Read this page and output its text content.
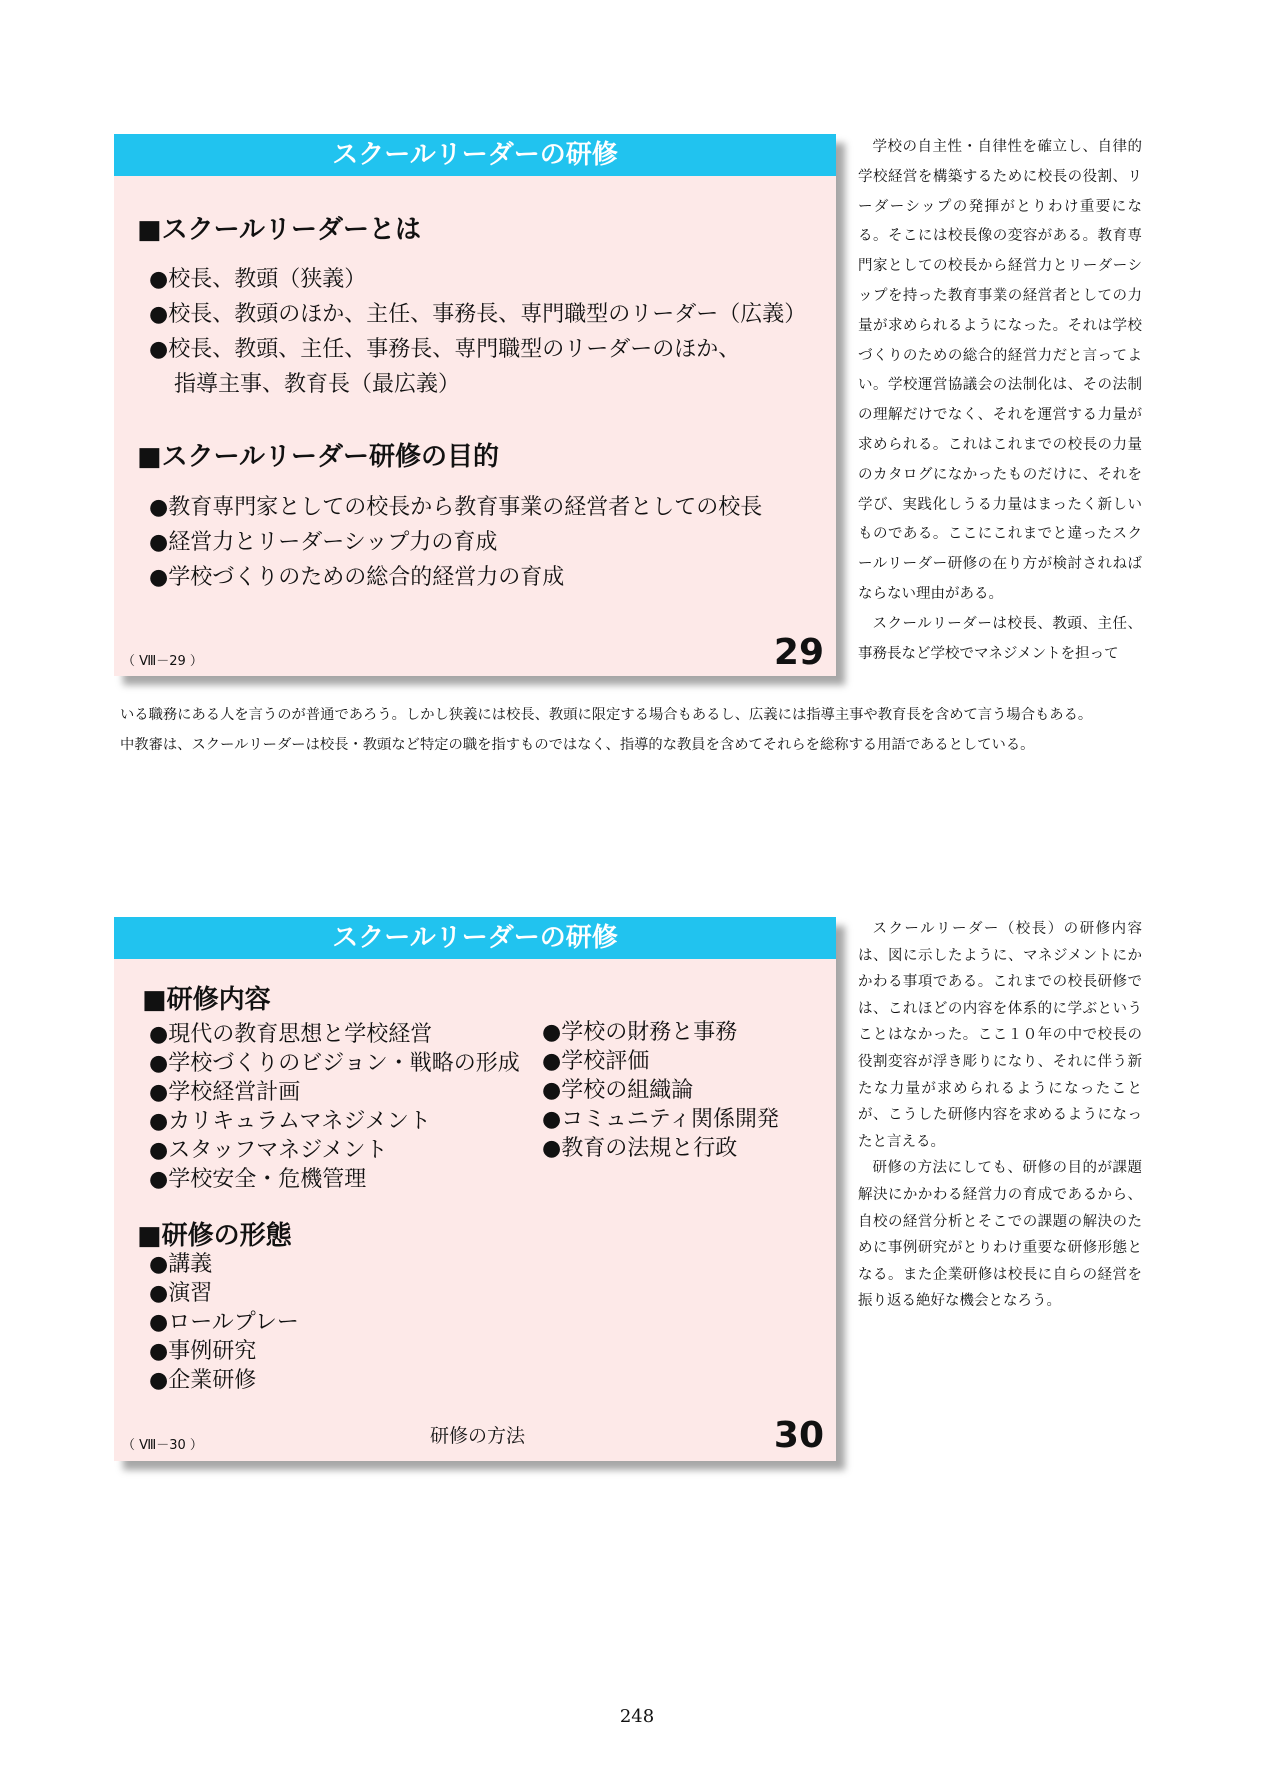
スクールリーダーの研修
■スクールリーダーとは
●校長、教頭（狭義）
●校長、教頭のほか、主任、事務長、専門職型のリーダー（広義）
●校長、教頭、主任、事務長、専門職型のリーダーのほか、
指導主事、教育長（最広義）
■スクールリーダー研修の目的
●教育専門家としての校長から教育事業の経営者としての校長
●経営力とリーダーシップ力の育成
●学校づくりのための総合的経営力の育成
（ Ⅷ－29 ）	29

学校の自主性・自律性を確立し、自律的学校経営を構築するために校長の役割、リーダーシップの発揮がとりわけ重要になる。そこには校長像の変容がある。教育専門家としての校長から経営力とリーダーシップを持った教育事業の経営者としての力量が求められるようになった。それは学校づくりのための総合的経営力だと言ってよい。学校運営協議会の法制化は、その法制の理解だけでなく、それを運営する力量が求められる。これはこれまでの校長の力量のカタログになかったものだけに、それを学び、実践化しうる力量はまったく新しいものである。ここにこれまでと違ったスクールリーダー研修の在り方が検討されねばならない理由がある。

スクールリーダーは校長、教頭、主任、事務長など学校でマネジメントを担って

いる職務にある人を言うのが普通であろう。しかし狭義には校長、教頭に限定する場合もあるし、広義には指導主事や教育長を含めて言う場合もある。
中教審は、スクールリーダーは校長・教頭など特定の職を指すものではなく、指導的な教員を含めてそれらを総称する用語であるとしている。
スクールリーダーの研修
■研修内容
●現代の教育思想と学校経営
●学校づくりのビジョン・戦略の形成
●学校経営計画
●カリキュラムマネジメント
●スタッフマネジメント
●学校安全・危機管理
●学校の財務と事務
●学校評価
●学校の組織論
●コミュニティ関係開発
●教育の法規と行政
■研修の形態
●講義
●演習
●ロールプレー
●事例研究
●企業研修
研修の方法
（ Ⅷ－30 ）	30

スクールリーダー（校長）の研修内容は、図に示したように、マネジメントにかかわる事項である。これまでの校長研修では、これほどの内容を体系的に学ぶということはなかった。ここ１０年の中で校長の役割変容が浮き彫りになり、それに伴う新たな力量が求められるようになったことが、こうした研修内容を求めるようになったと言える。

研修の方法にしても、研修の目的が課題解決にかかわる経営力の育成であるから、自校の経営分析とそこでの課題の解決のために事例研究がとりわけ重要な研修形態となる。また企業研修は校長に自らの経営を振り返る絶好な機会となろう。

248
